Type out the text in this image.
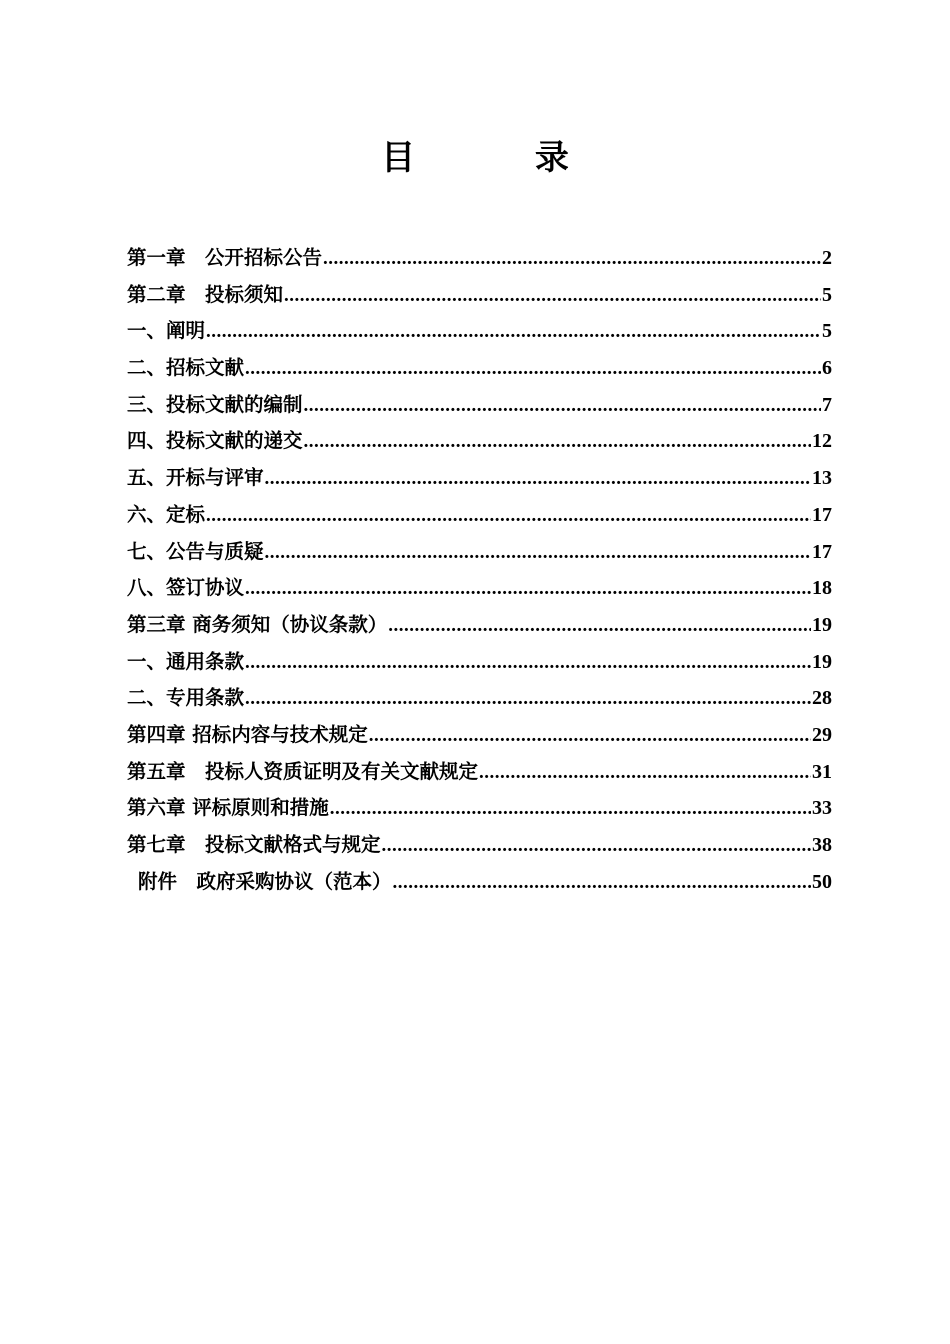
目 录
第一章　公开招标公告 .....	2
第二章　投标须知 .....	5
一、阐明 .....	5
二、招标文献 .....	6
三、投标文献的编制 .....	7
四、投标文献的递交 .....	12
五、开标与评审 .....	13
六、定标 .....	17
七、公告与质疑 .....	17
八、签订协议 .....	18
第三章 商务须知（协议条款） .....	19
一、通用条款 .....	19
二、专用条款 .....	28
第四章 招标内容与技术规定 .....	29
第五章　投标人资质证明及有关文献规定 .....	31
第六章 评标原则和措施 .....	33
第七章　投标文献格式与规定 .....	38
附件　政府采购协议（范本） .....	50
